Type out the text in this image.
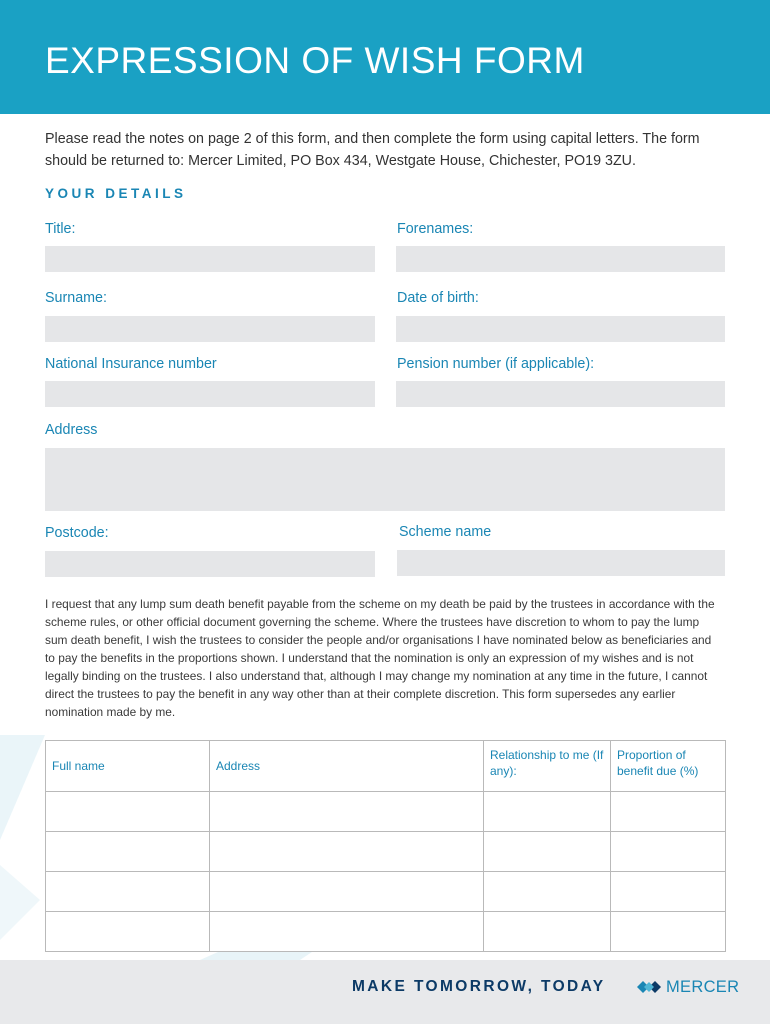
EXPRESSION OF WISH FORM
Please read the notes on page 2 of this form, and then complete the form using capital letters. The form should be returned to: Mercer Limited, PO Box 434, Westgate House, Chichester, PO19 3ZU.
YOUR DETAILS
Title:	Forenames:
Surname:	Date of birth:
National Insurance number	Pension number (if applicable):
Address
Postcode:	Scheme name
I request that any lump sum death benefit payable from the scheme on my death be paid by the trustees in accordance with the scheme rules, or other official document governing the scheme. Where the trustees have discretion to whom to pay the lump sum death benefit, I wish the trustees to consider the people and/or organisations I have nominated below as beneficiaries and to pay the benefits in the proportions shown. I understand that the nomination is only an expression of my wishes and is not legally binding on the trustees. I also understand that, although I may change my nomination at any time in the future, I cannot direct the trustees to pay the benefit in any way other than at their complete discretion. This form supersedes any earlier nomination made by me.
Full name	Address	Relationship to me (If any):	Proportion of benefit due (%)

MAKE TOMORROW, TODAY	MERCER
